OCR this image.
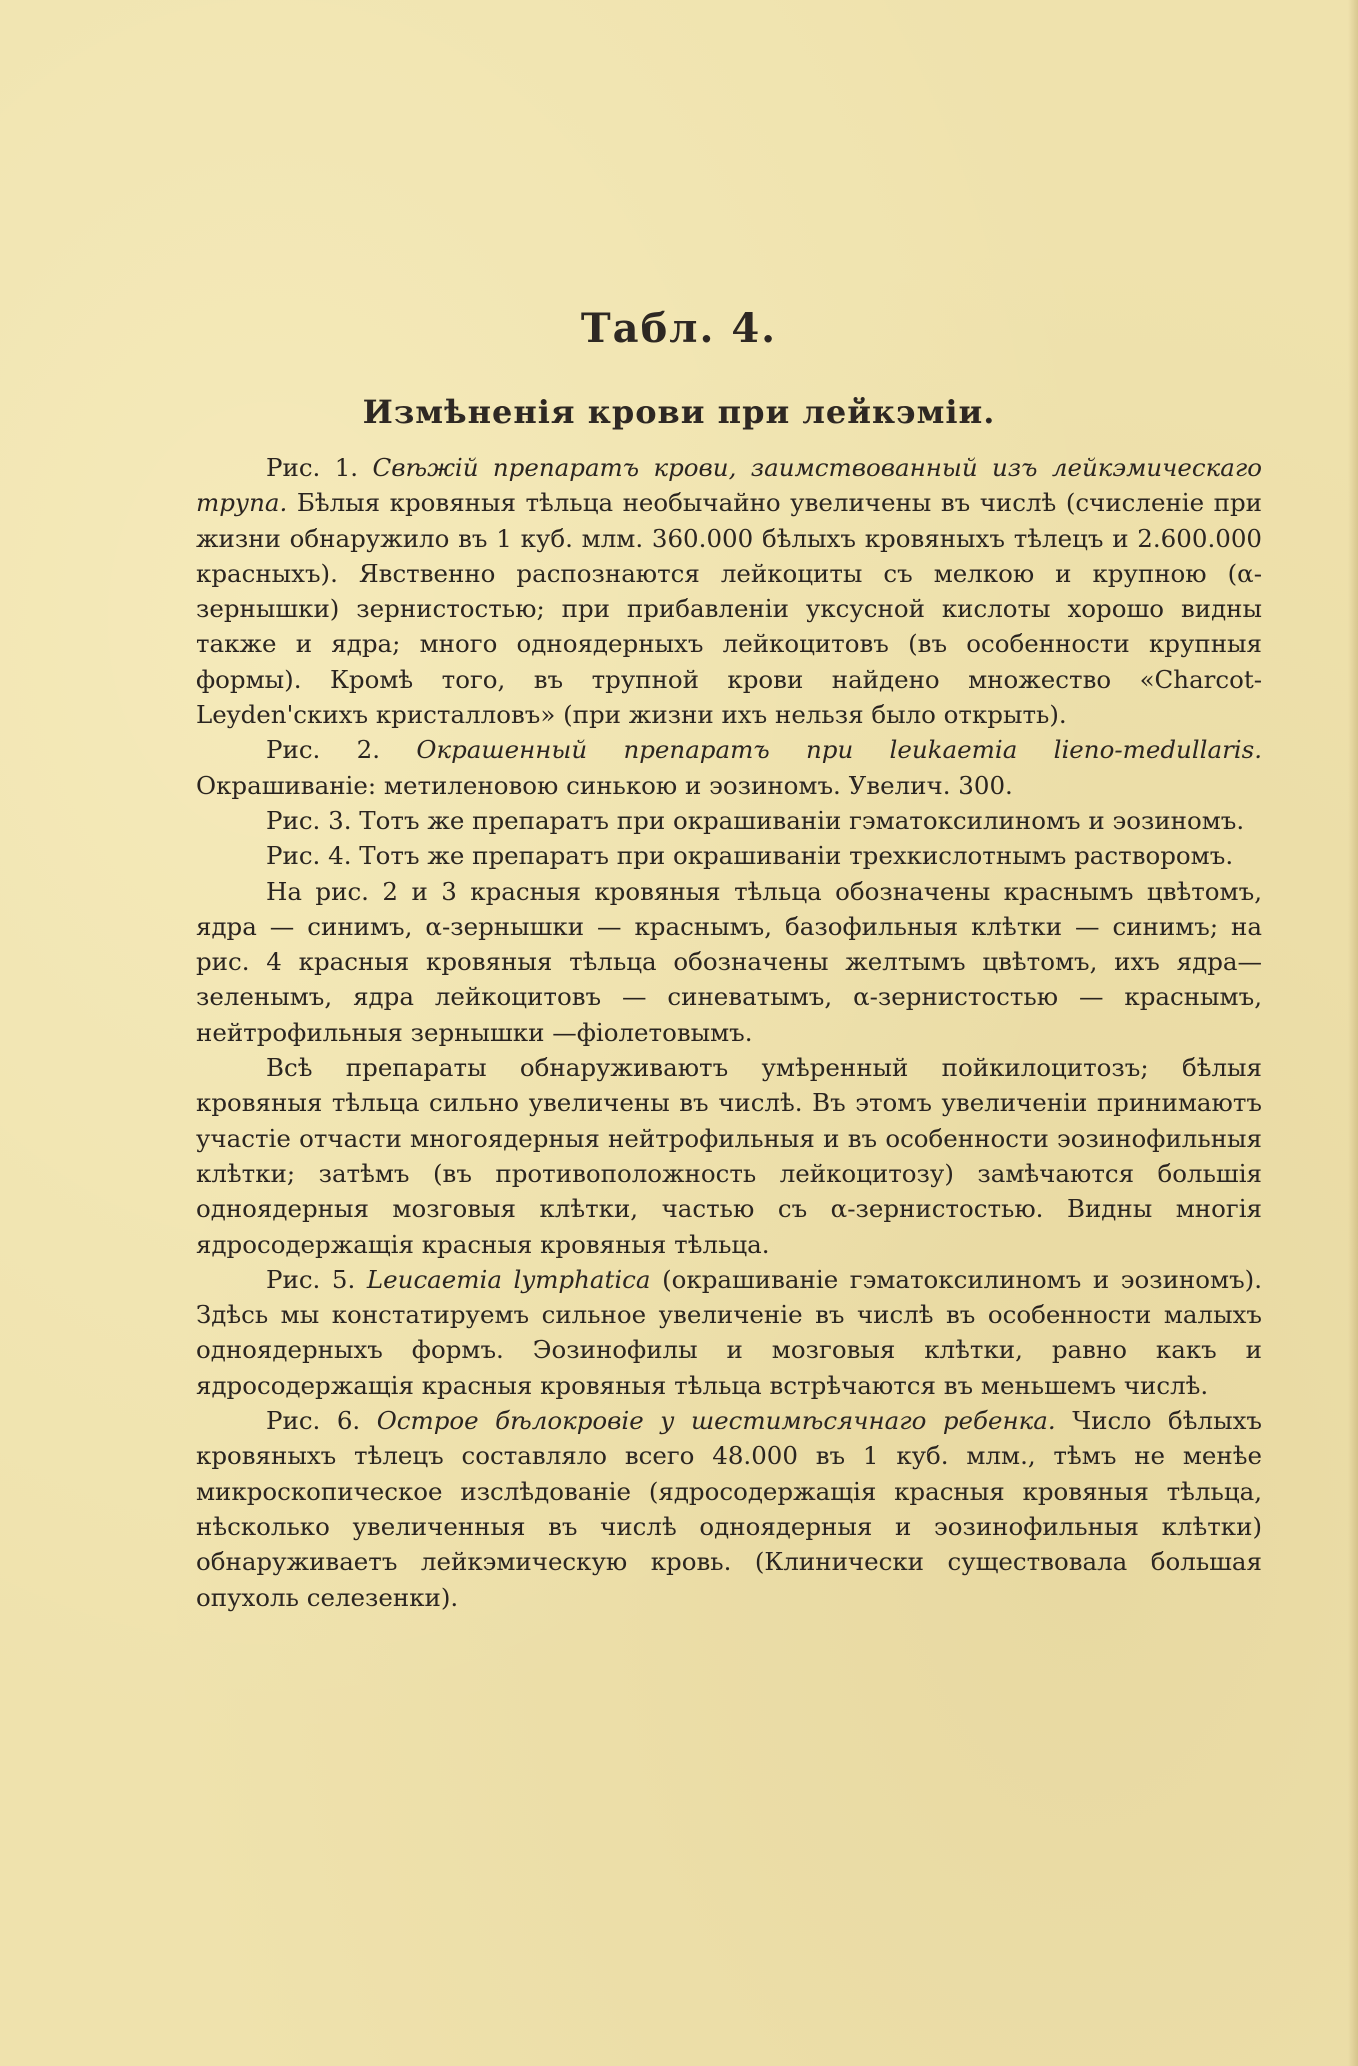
Табл. 4.
Измѣненія крови при лейкэміи.

Рис. 1. Свѣжій препаратъ крови, заимствованный изъ лейкэмическаго трупа. Бѣлыя кровяныя тѣльца необычайно увеличены въ числѣ (счисленіе при жизни обнаружило въ 1 куб. млм. 360.000 бѣлыхъ кровяныхъ тѣлецъ и 2.600.000 красныхъ). Явственно распознаются лейкоциты съ мелкою и крупною (α-зернышки) зернистостью; при прибавленіи уксусной кислоты хорошо видны также и ядра; много одноядерныхъ лейкоцитовъ (въ особенности крупныя формы). Кромѣ того, въ трупной крови найдено множество «Charcot-Leyden'скихъ кристалловъ» (при жизни ихъ нельзя было открыть).

Рис. 2. Окрашенный препаратъ при leukaemia lieno-medullaris. Окрашиваніе: метиленовою синькою и эозиномъ. Увелич. 300.

Рис. 3. Тотъ же препаратъ при окрашиваніи гэматоксилиномъ и эозиномъ.

Рис. 4. Тотъ же препаратъ при окрашиваніи трехкислотнымъ растворомъ.

На рис. 2 и 3 красныя кровяныя тѣльца обозначены краснымъ цвѣтомъ, ядра — синимъ, α-зернышки — краснымъ, базофильныя клѣтки — синимъ; на рис. 4 красныя кровяныя тѣльца обозначены желтымъ цвѣтомъ, ихъ ядра—зеленымъ, ядра лейкоцитовъ — синеватымъ, α-зернистостью — краснымъ, нейтрофильныя зернышки —фіолетовымъ.

Всѣ препараты обнаруживаютъ умѣренный пойкилоцитозъ; бѣлыя кровяныя тѣльца сильно увеличены въ числѣ. Въ этомъ увеличеніи принимаютъ участіе отчасти многоядерныя нейтрофильныя и въ особенности эозинофильныя клѣтки; затѣмъ (въ противоположность лейкоцитозу) замѣчаются большія одноядерныя мозговыя клѣтки, частью съ α-зернистостью. Видны многія ядросодержащія красныя кровяныя тѣльца.

Рис. 5. Leucaemia lymphatica (окрашиваніе гэматоксилиномъ и эозиномъ). Здѣсь мы констатируемъ сильное увеличеніе въ числѣ въ особенности малыхъ одноядерныхъ формъ. Эозинофилы и мозговыя клѣтки, равно какъ и ядросодержащія красныя кровяныя тѣльца встрѣчаются въ меньшемъ числѣ.

Рис. 6. Острое бѣлокровіе у шестимѣсячнаго ребенка. Число бѣлыхъ кровяныхъ тѣлецъ составляло всего 48.000 въ 1 куб. млм., тѣмъ не менѣе микроскопическое изслѣдованіе (ядросодержащія красныя кровяныя тѣльца, нѣсколько увеличенныя въ числѣ одноядерныя и эозинофильныя клѣтки) обнаруживаетъ лейкэмическую кровь. (Клинически существовала большая опухоль селезенки).
